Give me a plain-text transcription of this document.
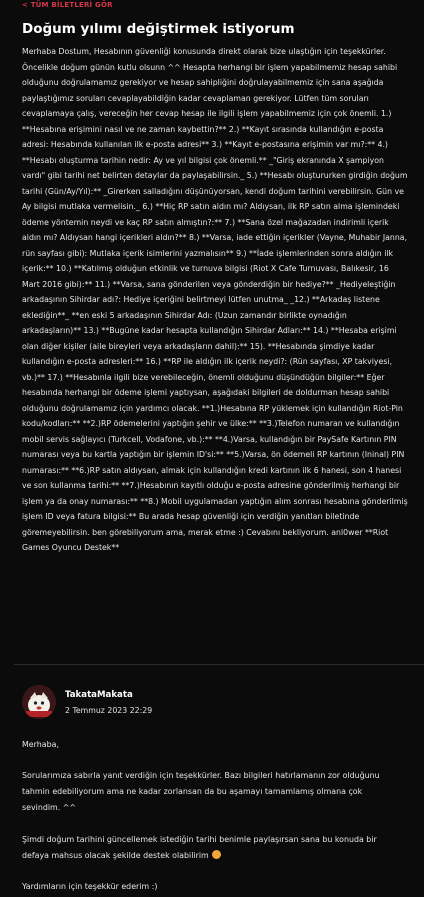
< TÜM BİLETLERİ GÖR
Doğum yılımı değiştirmek istiyorum
Merhaba Dostum, Hesabının güvenliği konusunda direkt olarak bize ulaştığın için teşekkürler. Öncelikle doğum günün kutlu olsunn ^^ Hesapta herhangi bir işlem yapabilmemiz hesap sahibi olduğunu doğrulamamız gerekiyor ve hesap sahipliğini doğrulayabilmemiz için sana aşağıda paylaştığımız soruları cevaplayabildiğin kadar cevaplaman gerekiyor. Lütfen tüm soruları cevaplamaya çalış, vereceğin her cevap hesap ile ilgili işlem yapabilmemiz için çok önemli. 1.) **Hesabına erişimini nasıl ve ne zaman kaybettin?** 2.) **Kayıt sırasında kullandığın e-posta adresi: Hesabında kullanılan ilk e-posta adresi** 3.) **Kayıt e-postasına erişimin var mı?:** 4.) **Hesabı oluşturma tarihin nedir: Ay ve yıl bilgisi çok önemli.** _"Giriş ekranında X şampiyon vardı" gibi tarihi net belirten detaylar da paylaşabilirsin._ 5.) **Hesabı oluştururken girdiğin doğum tarihi (Gün/Ay/Yıl):** _Girerken salladığını düşünüyorsan, kendi doğum tarihini verebilirsin. Gün ve Ay bilgisi mutlaka vermelisin._ 6.) **Hiç RP satın aldın mı? Aldıysan, ilk RP satın alma işlemindeki ödeme yöntemin neydi ve kaç RP satın almıştın?:** 7.) **Sana özel mağazadan indirimli içerik aldın mı? Aldıysan hangi içerikleri aldın?** 8.) **Varsa, iade ettiğin içerikler (Vayne, Muhabir Janna, rün sayfası gibi): Mutlaka içerik isimlerini yazmalısın** 9.) **İade işlemlerinden sonra aldığın ilk içerik:** 10.) **Katılmış olduğun etkinlik ve turnuva bilgisi (Riot X Cafe Turnuvası, Balıkesir, 16 Mart 2016 gibi):** 11.) **Varsa, sana gönderilen veya gönderdiğin bir hediye?** _Hediyeleştiğin arkadaşının Sihirdar adı?: Hediye içeriğini belirtmeyi lütfen unutma_ _12.) **Arkadaş listene eklediğin**_ **en eski 5 arkadaşının Sihirdar Adı: (Uzun zamandır birlikte oynadığın arkadaşların)** 13.) **Bugüne kadar hesapta kullandığın Sihirdar Adları:** 14.) **Hesaba erişimi olan diğer kişiler (aile bireyleri veya arkadaşların dahil):** 15). **Hesabında şimdiye kadar kullandığın e-posta adresleri:** 16.) **RP ile aldığın ilk içerik neydi?: (Rün sayfası, XP takviyesi, vb.)** 17.) **Hesabınla ilgili bize verebileceğin, önemli olduğunu düşündüğün bilgiler:** Eğer hesabında herhangi bir ödeme işlemi yaptıysan, aşağıdaki bilgileri de doldurman hesap sahibi olduğunu doğrulamamız için yardımcı olacak. **1.)Hesabına RP yüklemek için kullandığın Riot-Pin kodu/kodları:** **2.)RP ödemelerini yaptığın şehir ve ülke:** **3.)Telefon numaran ve kullandığın mobil servis sağlayıcı (Turkcell, Vodafone, vb.):** **4.)Varsa, kullandığın bir PaySafe Kartının PIN numarası veya bu kartla yaptığın bir işlemin ID'si:** **5.)Varsa, ön ödemeli RP kartının (Ininal) PIN numarası:** **6.)RP satın aldıysan, almak için kullandığın kredi kartının ilk 6 hanesi, son 4 hanesi ve son kullanma tarihi:** **7.)Hesabının kayıtlı olduğu e-posta adresine gönderilmiş herhangi bir işlem ya da onay numarası:** **8.) Mobil uygulamadan yaptığın alım sonrası hesabına gönderilmiş işlem ID veya fatura bilgisi:** Bu arada hesap güvenliği için verdiğin yanıtları biletinde göremeyebilirsin. ben görebiliyorum ama, merak etme :) Cevabını bekliyorum. anl0wer **Riot Games Oyuncu Destek**
TakataMakata
2 Temmuz 2023 22:29

Merhaba,

Sorularımıza sabırla yanıt verdiğin için teşekkürler. Bazı bilgileri hatırlamanın zor olduğunu tahmin edebiliyorum ama ne kadar zorlansan da bu aşamayı tamamlamış olmana çok sevindim. ^^

Şimdi doğum tarihini güncellemek istediğin tarihi benimle paylaşırsan sana bu konuda bir defaya mahsus olacak şekilde destek olabilirim

Yardımların için teşekkür ederim :)
